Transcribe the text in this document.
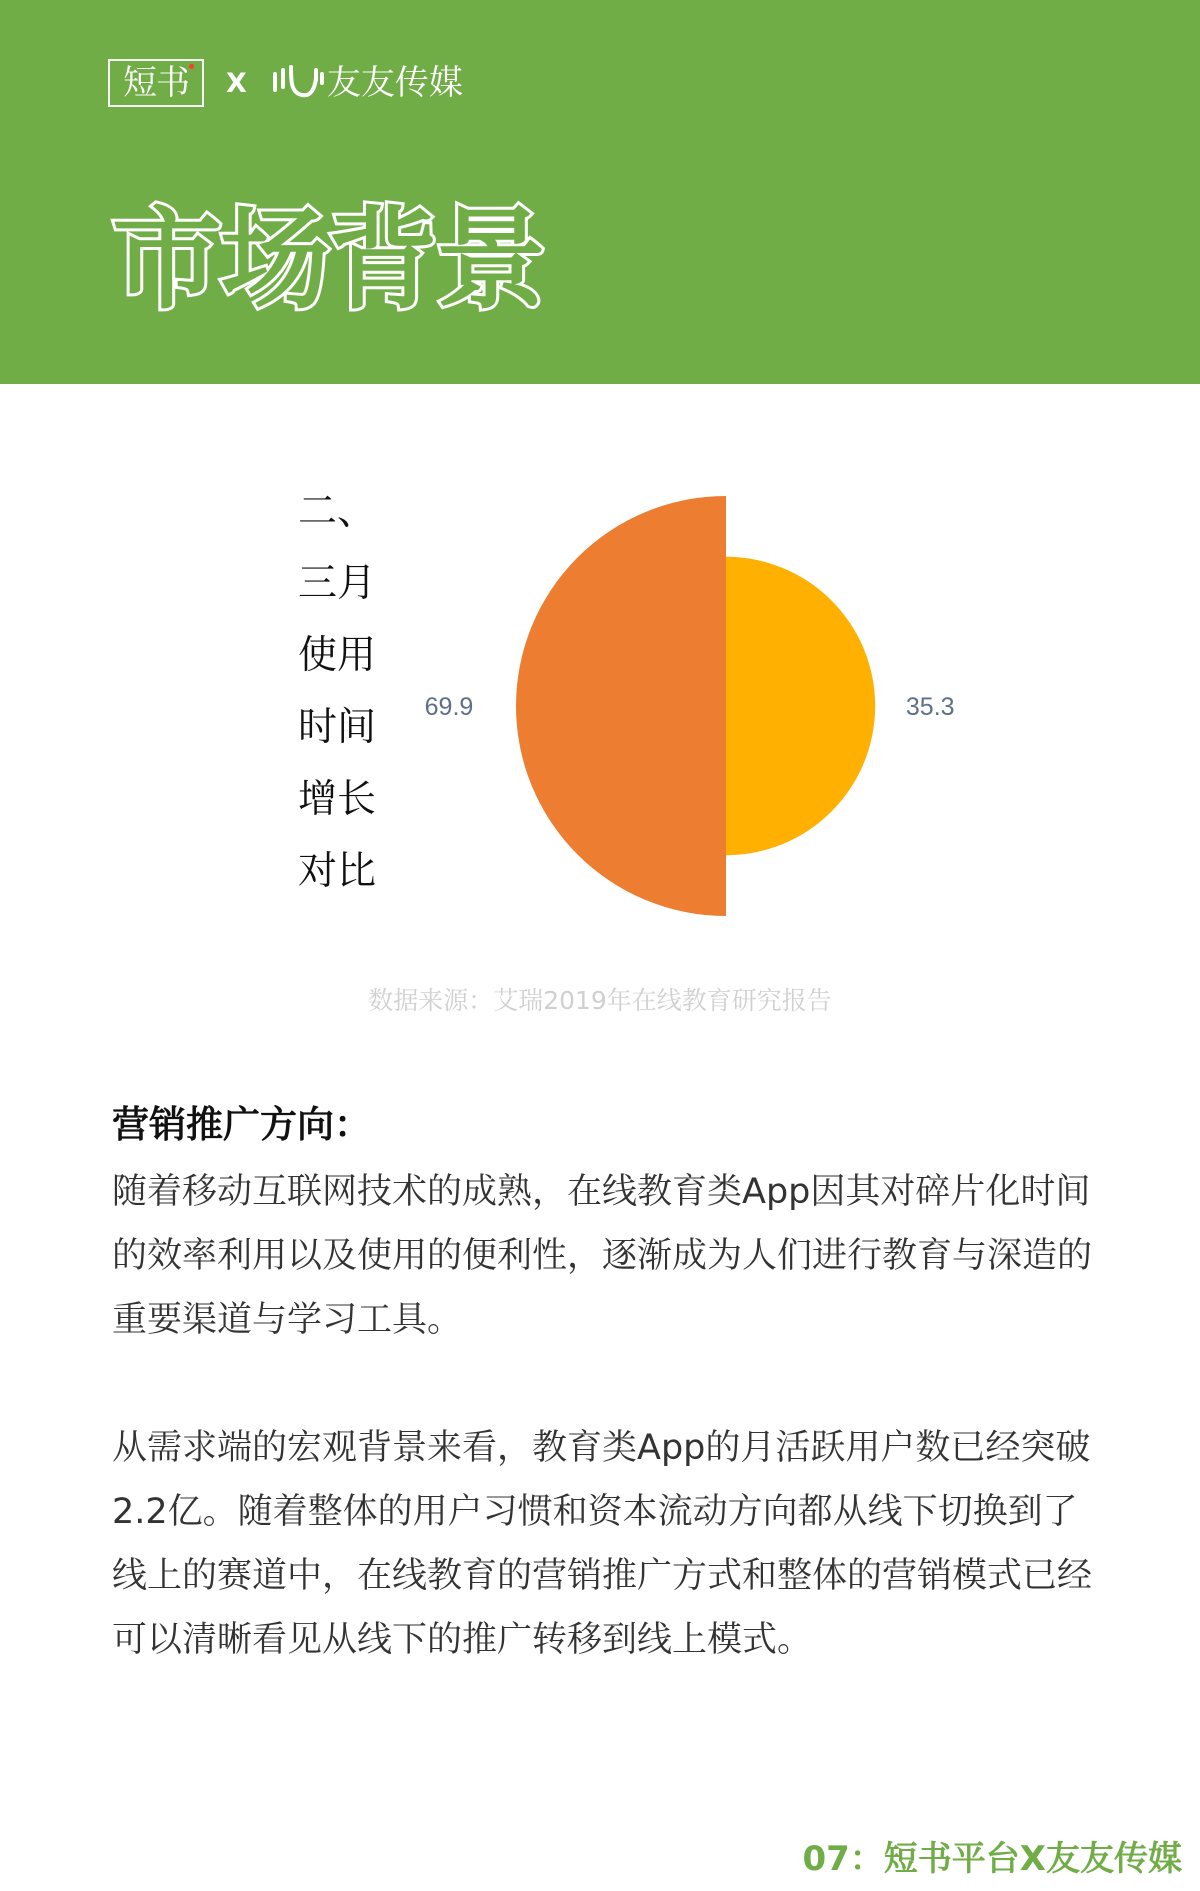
短书 X 友友传媒
市场背景
二、
三月
使用
时间
增长
对比
69.9	35.3
数据来源：艾瑞2019年在线教育研究报告
营销推广方向：

随着移动互联网技术的成熟，在线教育类App因其对碎片化时间的效率利用以及使用的便利性，逐渐成为人们进行教育与深造的重要渠道与学习工具。

从需求端的宏观背景来看，教育类App的月活跃用户数已经突破2.2亿。随着整体的用户习惯和资本流动方向都从线下切换到了线上的赛道中，在线教育的营销推广方式和整体的营销模式已经可以清晰看见从线下的推广转移到线上模式。

07：短书平台X友友传媒
